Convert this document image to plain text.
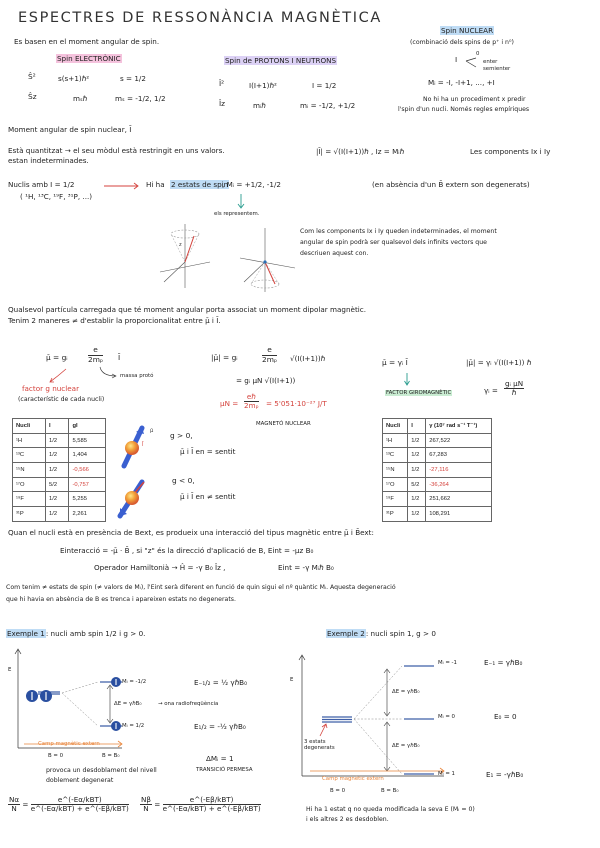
ESPECTRES DE RESSONÀNCIA MAGNÈTICA
Es basen en el moment angular de spin.
Spin ELECTRÒNIC
Ŝ²	s(s+1)ℏ²	s = 1/2
Ŝz	mₛℏ	mₛ = -1/2, 1/2
Spin de PROTONS I NEUTRONS
Î²	I(I+1)ℏ²	I = 1/2
Îz	mᵢℏ	mᵢ = -1/2, +1/2
Spin NUCLEAR
(combinació dels spins de p⁺ i n⁰)
I
0
enter
semienter
Mᵢ = -I, -I+1, ..., +I
No hi ha un procediment x predir
l'spin d'un nucli. Només regles empíriques
Moment angular de spin nuclear, Ī
Està quantitzat → el seu mòdul està restringit en uns valors.
estan indeterminades.
|Ī| = √(I(I+1))ℏ , Iz = Mᵢℏ	Les components Ix i Iy
Nuclis amb I = 1/2	Hi ha 2 estats de spin
, Mᵢ = +1/2, -1/2	(en absència d'un B̄ extern son degenerats)
( ¹H, ¹³C, ¹⁹F, ³¹P, ...)
els representem.
z
Com les components Ix i Iy queden indeterminades, el moment
angular de spin podrà ser qualsevol dels infinits vectors que
descriuen aquest con.
Qualsevol partícula carregada que té moment angular porta associat un moment dipolar magnètic.
Tenim 2 maneres ≠ d'establir la proporcionalitat entre μ̄ i Ī.
μ̄ = gᵢ	$\frac{e}{\text{2mₚ}}$ Ī
massa protó
factor g nuclear
(característic de cada nucli)
|μ̄| = gᵢ	$\frac{e}{\text{2mₚ}}$ √(I(I+1))ℏ
= gᵢ μN √(I(I+1))
$\mu N = \frac{\text{eℏ}}{\text{2mₚ}} = 5'051\cdot 10^{-27}$ J/T
MAGNETÓ NUCLEAR
μ̄ = γᵢ Ī
FACTOR GIROMAGNÈTIC
|μ̄| = γᵢ √(I(I+1)) ℏ
γᵢ = $\frac{\text{gᵢ μN}}{\text{ℏ}}$
Nucli	I	gI
¹H	1/2	5,585
¹³C	1/2	1,404
¹⁵N	1/2	-0,566
¹⁷O	5/2	-0,757
¹⁹F	1/2	5,255
³¹P	1/2	2,261
μ̄
Ī
g > 0,
μ̄ i Ī en = sentit
g < 0,
μ̄ i Ī en ≠ sentit
Nucli	I	γ (10⁷ rad s⁻¹ T⁻¹)
¹H	1/2	267,522
¹³C	1/2	67,283
¹⁵N	1/2	-27,116
¹⁷O	5/2	-36,264
¹⁹F	1/2	251,662
³¹P	1/2	108,291
Quan el nucli està en presència de Bext, es produeix una interacció del tipus magnètic entre μ̄ i B̄ext:
Einteracció = -μ̄ · B̄ , si "z" és la direcció d'aplicació de B, Eint = -μz B₀
Operador Hamiltonià → Ĥ = -γ B₀ Îz ,	Eint = -γ Mᵢℏ B₀
Com tenim ≠ estats de spin (≠ valors de Mᵢ), l'Eint serà diferent en funció de quin sigui el nº quàntic Mᵢ. Aquesta degeneració
que hi havia en absència de B es trenca i apareixen estats no degenerats.
Exemple 1: nucli amb spin 1/2 i g > 0.
E
Mᵢ = -1/2
Mᵢ = 1/2
E₋₁/₂ = ½ γℏB₀
E₁/₂ = -½ γℏB₀
ΔE = γℏB₀	→ ona radiofreqüència
Camp magnètic extern
B = 0	B = B₀
provoca un desdoblament del nivell
doblement degenerat
ΔMᵢ = 1
TRANSICIÓ PERMESA
$\frac{N\alpha}{N} = \frac{\text{e\textasciicircum{}(-Eα/kBT)}}{\text{e\textasciicircum{}(-Eα/kBT) + e\textasciicircum{}(-Eβ/kBT)}} \frac{N\beta}{N} = \frac{\text{e\textasciicircum{}(-Eβ/kBT)}}{\text{e\textasciicircum{}(-Eα/kBT) + e\textasciicircum{}(-Eβ/kBT)}}$
Exemple 2: nucli spin 1, g > 0
E
Mᵢ = -1
Mᵢ = 0
Mᵢ = 1
E₋₁ = γℏB₀
E₀ = 0
E₁ = -γℏB₀
ΔE = γℏB₀
ΔE = γℏB₀
3 estats degenerats
Camp magnètic extern
B = 0	B = B₀
Hi ha 1 estat q no queda modificada la seva E (Mᵢ = 0)
i els altres 2 es desdoblen.
